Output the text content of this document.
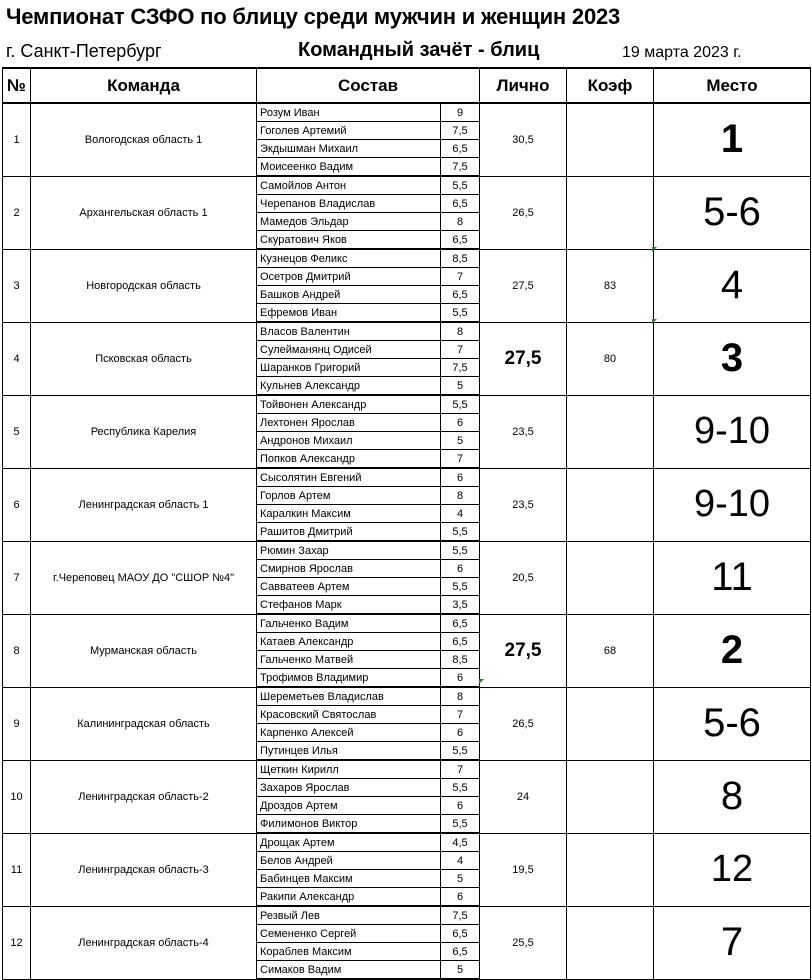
Чемпионат СЗФО по блицу среди мужчин и женщин 2023
г. Санкт-Петербург	Командный зачёт - блиц	19 марта 2023 г.
№	Команда	Состав		Лично	Коэф	Место
1	Вологодская область 1	Розум Иван	9	30,5		1
		Гоголев Артемий	7,5			
		Экдышман Михаил	6,5			
		Моисеенко Вадим	7,5			
2	Архангельская область 1	Самойлов Антон	5,5	26,5		5-6
		Черепанов Владислав	6,5			
		Мамедов Эльдар	8			
		Скуратович Яков	6,5			
3	Новгородская область	Кузнецов Феликс	8,5	27,5	83	4
		Осетров Дмитрий	7			
		Башков Андрей	6,5			
		Ефремов Иван	5,5			
4	Псковская область	Власов Валентин	8	27,5	80	3
		Сулейманянц Одисей	7			
		Шаранков Григорий	7,5			
		Кульнев Александр	5			
5	Республика Карелия	Тойвонен Александр	5,5	23,5		9-10
		Лехтонен Ярослав	6			
		Андронов Михаил	5			
		Попков Александр	7			
6	Ленинградская область 1	Сысолятин Евгений	6	23,5		9-10
		Горлов Артем	8			
		Каралкин Максим	4			
		Рашитов Дмитрий	5,5			
7	г.Череповец МАОУ ДО "СШОР №4"	Рюмин Захар	5,5	20,5		11
		Смирнов Ярослав	6			
		Савватеев Артем	5,5			
		Стефанов Марк	3,5			
8	Мурманская область	Гальченко Вадим	6,5	27,5	68	2
		Катаев Александр	6,5			
		Гальченко Матвей	8,5			
		Трофимов Владимир	6			
9	Калининградская область	Шереметьев Владислав	8	26,5		5-6
		Красовский Святослав	7			
		Карпенко Алексей	6			
		Путинцев Илья	5,5			
10	Ленинградская область-2	Щеткин Кирилл	7	24		8
		Захаров Ярослав	5,5			
		Дроздов Артем	6			
		Филимонов Виктор	5,5			
11	Ленинградская область-3	Дрощак Артем	4,5	19,5		12
		Белов Андрей	4			
		Бабинцев Максим	5			
		Ракипи Александр	6			
12	Ленинградская область-4	Резвый Лев	7,5	25,5		7
		Семененко Сергей	6,5			
		Кораблев Максим	6,5			
		Симаков Вадим	5			
